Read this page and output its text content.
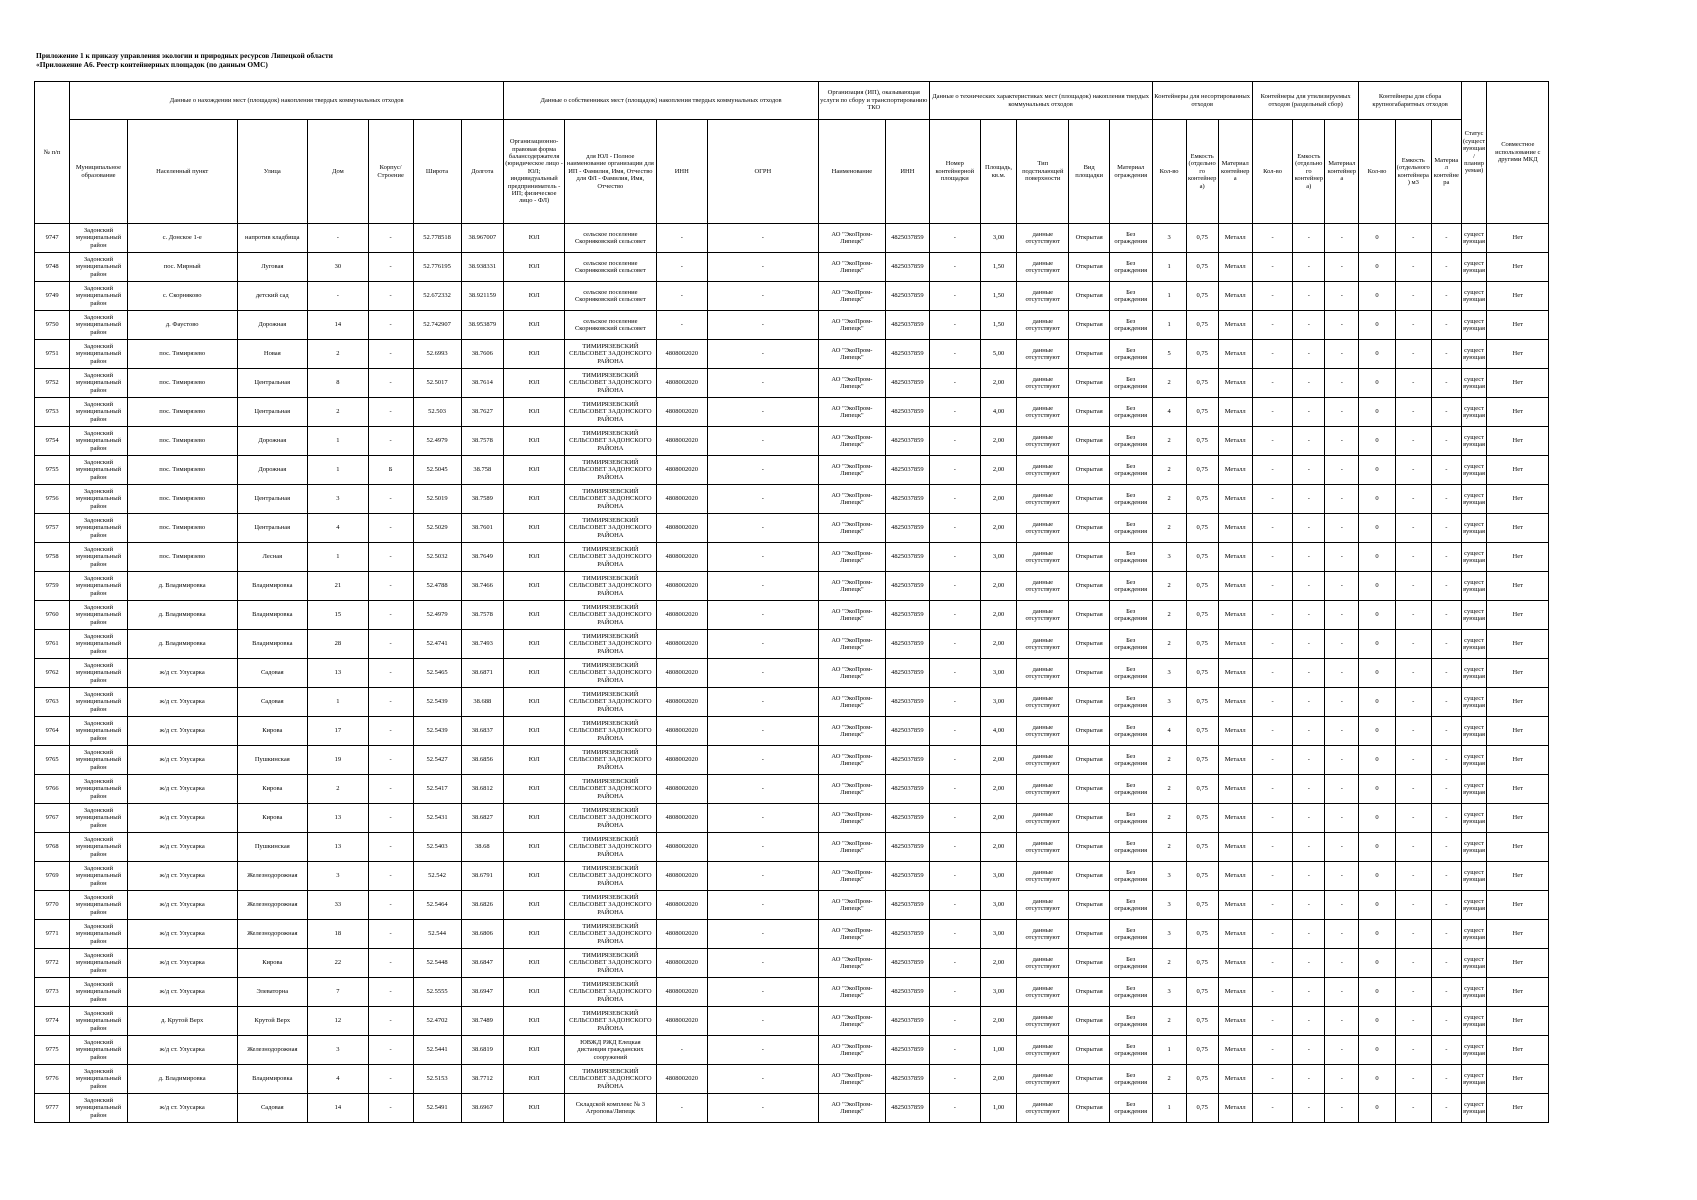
Приложение 1 к приказу управления экологии и природных ресурсов Липецкой области
«Приложение А6. Реестр контейнерных площадок (по данным ОМС)
№ п/п	Данные о нахождении мест (площадок) накопления твердых коммунальных отходов							Данные о собственниках мест (площадок) накопления твердых коммунальных отходов				Организация (ИП), оказывающая услуги по сбору и транспортированию ТКО		Данные о технических характеристиках мест (площадок) накопления твердых коммунальных отходов					Контейнеры для несортированных отходов			Контейнеры для утилизируемых отходов (раздельный сбор)			Контейнеры для сбора крупногабаритных отходов			Статус (существующая/планируемая)	Совместное использование с другими МКД
	Муниципальное образование	Населенный пункт	Улица	Дом	Корпус/Строение	Широта	Долгота	Организационно-правовая форма балансодержателя (юридическое лицо - ЮЛ; индивидуальный предприниматель - ИП; физическое лицо - ФЛ)	для ЮЛ - Полное наименование организации для ИП - Фамилия, Имя, Отчество для ФЛ - Фамилия, Имя, Отчество	ИНН	ОГРН	Наименование	ИНН	Номер контейнерной площадки	Площадь, кв.м.	Тип подстилающей поверхности	Вид площадки	Материал ограждения	Кол-во	Емкость (отдельного контейнера)	Материал контейнера	Кол-во	Емкость (отдельного контейнера)	Материал контейнера	Кол-во	Емкость (отдельного контейнера) м3	Материал контейнера		
9747	Задонский муниципальный район	с. Донское 1-е	напротив кладбища	-	-	52.778518	38.967007	ЮЛ	сельское поселение Скорняковский сельсовет	-	-	АО "ЭкоПром-Липецк"	4825037859	-	3,00	данные отсутствуют	Открытая	Без ограждения	3	0,75	Металл	-	-	-	0	-	-	существующая	Нет
9748	Задонский муниципальный район	пос. Мирный	Луговая	30	-	52.776195	38.938331	ЮЛ	сельское поселение Скорняковский сельсовет	-	-	АО "ЭкоПром-Липецк"	4825037859	-	1,50	данные отсутствуют	Открытая	Без ограждения	1	0,75	Металл	-	-	-	0	-	-	существующая	Нет
9749	Задонский муниципальный район	с. Скорняково	детский сад	-	-	52.672332	38.921159	ЮЛ	сельское поселение Скорняковский сельсовет	-	-	АО "ЭкоПром-Липецк"	4825037859	-	1,50	данные отсутствуют	Открытая	Без ограждения	1	0,75	Металл	-	-	-	0	-	-	существующая	Нет
9750	Задонский муниципальный район	д. Фаустово	Дорожная	14	-	52.742907	38.953879	ЮЛ	сельское поселение Скорняковский сельсовет	-	-	АО "ЭкоПром-Липецк"	4825037859	-	1,50	данные отсутствуют	Открытая	Без ограждения	1	0,75	Металл	-	-	-	0	-	-	существующая	Нет
9751	Задонский муниципальный район	пос. Тимирязево	Новая	2	-	52.6993	38.7606	ЮЛ	ТИМИРЯЗЕВСКИЙ СЕЛЬСОВЕТ ЗАДОНСКОГО РАЙОНА	4808002020	-	АО "ЭкоПром-Липецк"	4825037859	-	5,00	данные отсутствуют	Открытая	Без ограждения	5	0,75	Металл	-	-	-	0	-	-	существующая	Нет
9752	Задонский муниципальный район	пос. Тимирязево	Центральная	8	-	52.5017	38.7614	ЮЛ	ТИМИРЯЗЕВСКИЙ СЕЛЬСОВЕТ ЗАДОНСКОГО РАЙОНА	4808002020	-	АО "ЭкоПром-Липецк"	4825037859	-	2,00	данные отсутствуют	Открытая	Без ограждения	2	0,75	Металл	-	-	-	0	-	-	существующая	Нет
9753	Задонский муниципальный район	пос. Тимирязево	Центральная	2	-	52.503	38.7627	ЮЛ	ТИМИРЯЗЕВСКИЙ СЕЛЬСОВЕТ ЗАДОНСКОГО РАЙОНА	4808002020	-	АО "ЭкоПром-Липецк"	4825037859	-	4,00	данные отсутствуют	Открытая	Без ограждения	4	0,75	Металл	-	-	-	0	-	-	существующая	Нет
9754	Задонский муниципальный район	пос. Тимирязево	Дорожная	1	-	52.4979	38.7578	ЮЛ	ТИМИРЯЗЕВСКИЙ СЕЛЬСОВЕТ ЗАДОНСКОГО РАЙОНА	4808002020	-	АО "ЭкоПром-Липецк"	4825037859	-	2,00	данные отсутствуют	Открытая	Без ограждения	2	0,75	Металл	-	-	-	0	-	-	существующая	Нет
9755	Задонский муниципальный район	пос. Тимирязево	Дорожная	1	Б	52.5045	38.758	ЮЛ	ТИМИРЯЗЕВСКИЙ СЕЛЬСОВЕТ ЗАДОНСКОГО РАЙОНА	4808002020	-	АО "ЭкоПром-Липецк"	4825037859	-	2,00	данные отсутствуют	Открытая	Без ограждения	2	0,75	Металл	-	-	-	0	-	-	существующая	Нет
9756	Задонский муниципальный район	пос. Тимирязево	Центральная	3	-	52.5019	38.7589	ЮЛ	ТИМИРЯЗЕВСКИЙ СЕЛЬСОВЕТ ЗАДОНСКОГО РАЙОНА	4808002020	-	АО "ЭкоПром-Липецк"	4825037859	-	2,00	данные отсутствуют	Открытая	Без ограждения	2	0,75	Металл	-	-	-	0	-	-	существующая	Нет
9757	Задонский муниципальный район	пос. Тимирязево	Центральная	4	-	52.5029	38.7601	ЮЛ	ТИМИРЯЗЕВСКИЙ СЕЛЬСОВЕТ ЗАДОНСКОГО РАЙОНА	4808002020	-	АО "ЭкоПром-Липецк"	4825037859	-	2,00	данные отсутствуют	Открытая	Без ограждения	2	0,75	Металл	-	-	-	0	-	-	существующая	Нет
9758	Задонский муниципальный район	пос. Тимирязево	Лесная	1	-	52.5032	38.7649	ЮЛ	ТИМИРЯЗЕВСКИЙ СЕЛЬСОВЕТ ЗАДОНСКОГО РАЙОНА	4808002020	-	АО "ЭкоПром-Липецк"	4825037859	-	3,00	данные отсутствуют	Открытая	Без ограждения	3	0,75	Металл	-	-	-	0	-	-	существующая	Нет
9759	Задонский муниципальный район	д. Владимировка	Владимировка	21	-	52.4788	38.7466	ЮЛ	ТИМИРЯЗЕВСКИЙ СЕЛЬСОВЕТ ЗАДОНСКОГО РАЙОНА	4808002020	-	АО "ЭкоПром-Липецк"	4825037859	-	2,00	данные отсутствуют	Открытая	Без ограждения	2	0,75	Металл	-	-	-	0	-	-	существующая	Нет
9760	Задонский муниципальный район	д. Владимировка	Владимировка	15	-	52.4979	38.7578	ЮЛ	ТИМИРЯЗЕВСКИЙ СЕЛЬСОВЕТ ЗАДОНСКОГО РАЙОНА	4808002020	-	АО "ЭкоПром-Липецк"	4825037859	-	2,00	данные отсутствуют	Открытая	Без ограждения	2	0,75	Металл	-	-	-	0	-	-	существующая	Нет
9761	Задонский муниципальный район	д. Владимировка	Владимировка	28	-	52.4741	38.7493	ЮЛ	ТИМИРЯЗЕВСКИЙ СЕЛЬСОВЕТ ЗАДОНСКОГО РАЙОНА	4808002020	-	АО "ЭкоПром-Липецк"	4825037859	-	2,00	данные отсутствуют	Открытая	Без ограждения	2	0,75	Металл	-	-	-	0	-	-	существующая	Нет
9762	Задонский муниципальный район	ж/д ст. Улусарка	Садовая	13	-	52.5465	38.6871	ЮЛ	ТИМИРЯЗЕВСКИЙ СЕЛЬСОВЕТ ЗАДОНСКОГО РАЙОНА	4808002020	-	АО "ЭкоПром-Липецк"	4825037859	-	3,00	данные отсутствуют	Открытая	Без ограждения	3	0,75	Металл	-	-	-	0	-	-	существующая	Нет
9763	Задонский муниципальный район	ж/д ст. Улусарка	Садовая	1	-	52.5439	38.688	ЮЛ	ТИМИРЯЗЕВСКИЙ СЕЛЬСОВЕТ ЗАДОНСКОГО РАЙОНА	4808002020	-	АО "ЭкоПром-Липецк"	4825037859	-	3,00	данные отсутствуют	Открытая	Без ограждения	3	0,75	Металл	-	-	-	0	-	-	существующая	Нет
9764	Задонский муниципальный район	ж/д ст. Улусарка	Кирова	17	-	52.5439	38.6837	ЮЛ	ТИМИРЯЗЕВСКИЙ СЕЛЬСОВЕТ ЗАДОНСКОГО РАЙОНА	4808002020	-	АО "ЭкоПром-Липецк"	4825037859	-	4,00	данные отсутствуют	Открытая	Без ограждения	4	0,75	Металл	-	-	-	0	-	-	существующая	Нет
9765	Задонский муниципальный район	ж/д ст. Улусарка	Пушкинская	19	-	52.5427	38.6856	ЮЛ	ТИМИРЯЗЕВСКИЙ СЕЛЬСОВЕТ ЗАДОНСКОГО РАЙОНА	4808002020	-	АО "ЭкоПром-Липецк"	4825037859	-	2,00	данные отсутствуют	Открытая	Без ограждения	2	0,75	Металл	-	-	-	0	-	-	существующая	Нет
9766	Задонский муниципальный район	ж/д ст. Улусарка	Кирова	2	-	52.5417	38.6812	ЮЛ	ТИМИРЯЗЕВСКИЙ СЕЛЬСОВЕТ ЗАДОНСКОГО РАЙОНА	4808002020	-	АО "ЭкоПром-Липецк"	4825037859	-	2,00	данные отсутствуют	Открытая	Без ограждения	2	0,75	Металл	-	-	-	0	-	-	существующая	Нет
9767	Задонский муниципальный район	ж/д ст. Улусарка	Кирова	13	-	52.5431	38.6827	ЮЛ	ТИМИРЯЗЕВСКИЙ СЕЛЬСОВЕТ ЗАДОНСКОГО РАЙОНА	4808002020	-	АО "ЭкоПром-Липецк"	4825037859	-	2,00	данные отсутствуют	Открытая	Без ограждения	2	0,75	Металл	-	-	-	0	-	-	существующая	Нет
9768	Задонский муниципальный район	ж/д ст. Улусарка	Пушкинская	13	-	52.5403	38.68	ЮЛ	ТИМИРЯЗЕВСКИЙ СЕЛЬСОВЕТ ЗАДОНСКОГО РАЙОНА	4808002020	-	АО "ЭкоПром-Липецк"	4825037859	-	2,00	данные отсутствуют	Открытая	Без ограждения	2	0,75	Металл	-	-	-	0	-	-	существующая	Нет
9769	Задонский муниципальный район	ж/д ст. Улусарка	Железнодорожная	3	-	52.542	38.6791	ЮЛ	ТИМИРЯЗЕВСКИЙ СЕЛЬСОВЕТ ЗАДОНСКОГО РАЙОНА	4808002020	-	АО "ЭкоПром-Липецк"	4825037859	-	3,00	данные отсутствуют	Открытая	Без ограждения	3	0,75	Металл	-	-	-	0	-	-	существующая	Нет
9770	Задонский муниципальный район	ж/д ст. Улусарка	Железнодорожная	33	-	52.5464	38.6826	ЮЛ	ТИМИРЯЗЕВСКИЙ СЕЛЬСОВЕТ ЗАДОНСКОГО РАЙОНА	4808002020	-	АО "ЭкоПром-Липецк"	4825037859	-	3,00	данные отсутствуют	Открытая	Без ограждения	3	0,75	Металл	-	-	-	0	-	-	существующая	Нет
9771	Задонский муниципальный район	ж/д ст. Улусарка	Железнодорожная	18	-	52.544	38.6806	ЮЛ	ТИМИРЯЗЕВСКИЙ СЕЛЬСОВЕТ ЗАДОНСКОГО РАЙОНА	4808002020	-	АО "ЭкоПром-Липецк"	4825037859	-	3,00	данные отсутствуют	Открытая	Без ограждения	3	0,75	Металл	-	-	-	0	-	-	существующая	Нет
9772	Задонский муниципальный район	ж/д ст. Улусарка	Кирова	22	-	52.5448	38.6847	ЮЛ	ТИМИРЯЗЕВСКИЙ СЕЛЬСОВЕТ ЗАДОНСКОГО РАЙОНА	4808002020	-	АО "ЭкоПром-Липецк"	4825037859	-	2,00	данные отсутствуют	Открытая	Без ограждения	2	0,75	Металл	-	-	-	0	-	-	существующая	Нет
9773	Задонский муниципальный район	ж/д ст. Улусарка	Элеваторна	7	-	52.5555	38.6947	ЮЛ	ТИМИРЯЗЕВСКИЙ СЕЛЬСОВЕТ ЗАДОНСКОГО РАЙОНА	4808002020	-	АО "ЭкоПром-Липецк"	4825037859	-	3,00	данные отсутствуют	Открытая	Без ограждения	3	0,75	Металл	-	-	-	0	-	-	существующая	Нет
9774	Задонский муниципальный район	д. Крутой Верх	Крутой Верх	12	-	52.4702	38.7489	ЮЛ	ТИМИРЯЗЕВСКИЙ СЕЛЬСОВЕТ ЗАДОНСКОГО РАЙОНА	4808002020	-	АО "ЭкоПром-Липецк"	4825037859	-	2,00	данные отсутствуют	Открытая	Без ограждения	2	0,75	Металл	-	-	-	0	-	-	существующая	Нет
9775	Задонский муниципальный район	ж/д ст. Улусарка	Железнодорожная	3	-	52.5441	38.6819	ЮЛ	ЮВЖД РЖД Елецкая дистанция гражданских сооружений	-	-	АО "ЭкоПром-Липецк"	4825037859	-	1,00	данные отсутствуют	Открытая	Без ограждения	1	0,75	Металл	-	-	-	0	-	-	существующая	Нет
9776	Задонский муниципальный район	д. Владимировка	Владимировка	4	-	52.5153	38.7712	ЮЛ	ТИМИРЯЗЕВСКИЙ СЕЛЬСОВЕТ ЗАДОНСКОГО РАЙОНА	4808002020	-	АО "ЭкоПром-Липецк"	4825037859	-	2,00	данные отсутствуют	Открытая	Без ограждения	2	0,75	Металл	-	-	-	0	-	-	существующая	Нет
9777	Задонский муниципальный район	ж/д ст. Улусарка	Садовая	14	-	52.5491	38.6967	ЮЛ	Складской комплекс № 3 Агропова/Липецк	-	-	АО "ЭкоПром-Липецк"	4825037859	-	1,00	данные отсутствуют	Открытая	Без ограждения	1	0,75	Металл	-	-	-	0	-	-	существующая	Нет
